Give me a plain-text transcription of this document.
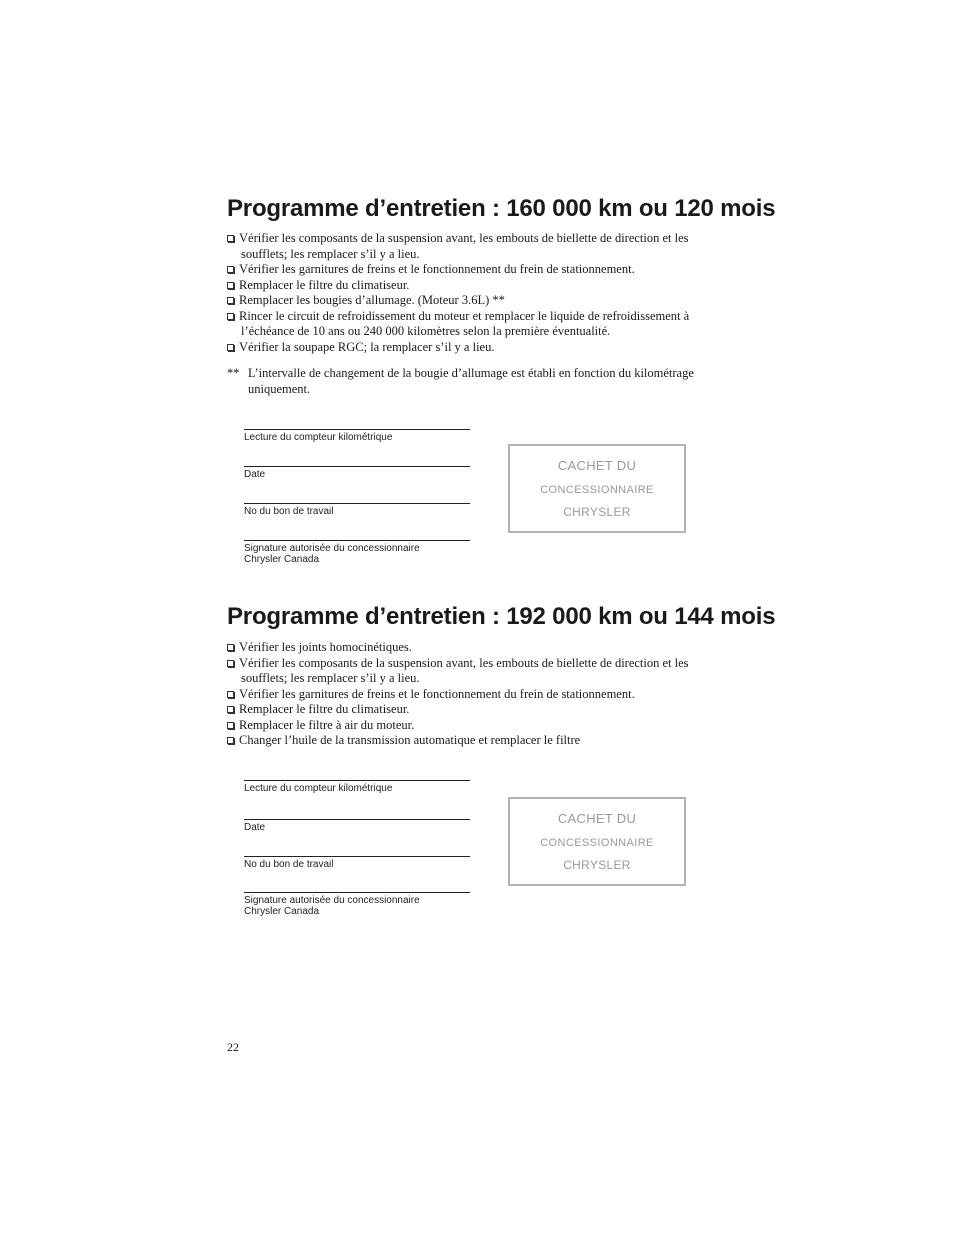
Programme d’entretien : 160 000 km ou 120 mois
Vérifier les composants de la suspension avant, les embouts de biellette de direction et les
soufflets; les remplacer s’il y a lieu.
Vérifier les garnitures de freins et le fonctionnement du frein de stationnement.
Remplacer le filtre du climatiseur.
Remplacer les bougies d’allumage. (Moteur 3.6L) **
Rincer le circuit de refroidissement du moteur et remplacer le liquide de refroidissement à
l’échéance de 10 ans ou 240 000 kilomètres selon la première éventualité.
Vérifier la soupape RGC; la remplacer s’il y a lieu.
** L’intervalle de changement de la bougie d’allumage est établi en fonction du kilométrage
uniquement.
Lecture du compteur kilométrique
Date
No du bon de travail
Signature autorisée du concessionnaire
Chrysler Canada
CACHET DU
CONCESSIONNAIRE
CHRYSLER
Programme d’entretien : 192 000 km ou 144 mois
Vérifier les joints homocinétiques.
Vérifier les composants de la suspension avant, les embouts de biellette de direction et les
soufflets; les remplacer s’il y a lieu.
Vérifier les garnitures de freins et le fonctionnement du frein de stationnement.
Remplacer le filtre du climatiseur.
Remplacer le filtre à air du moteur.
Changer l’huile de la transmission automatique et remplacer le filtre
Lecture du compteur kilométrique
Date
No du bon de travail
Signature autorisée du concessionnaire
Chrysler Canada
CACHET DU
CONCESSIONNAIRE
CHRYSLER
22
